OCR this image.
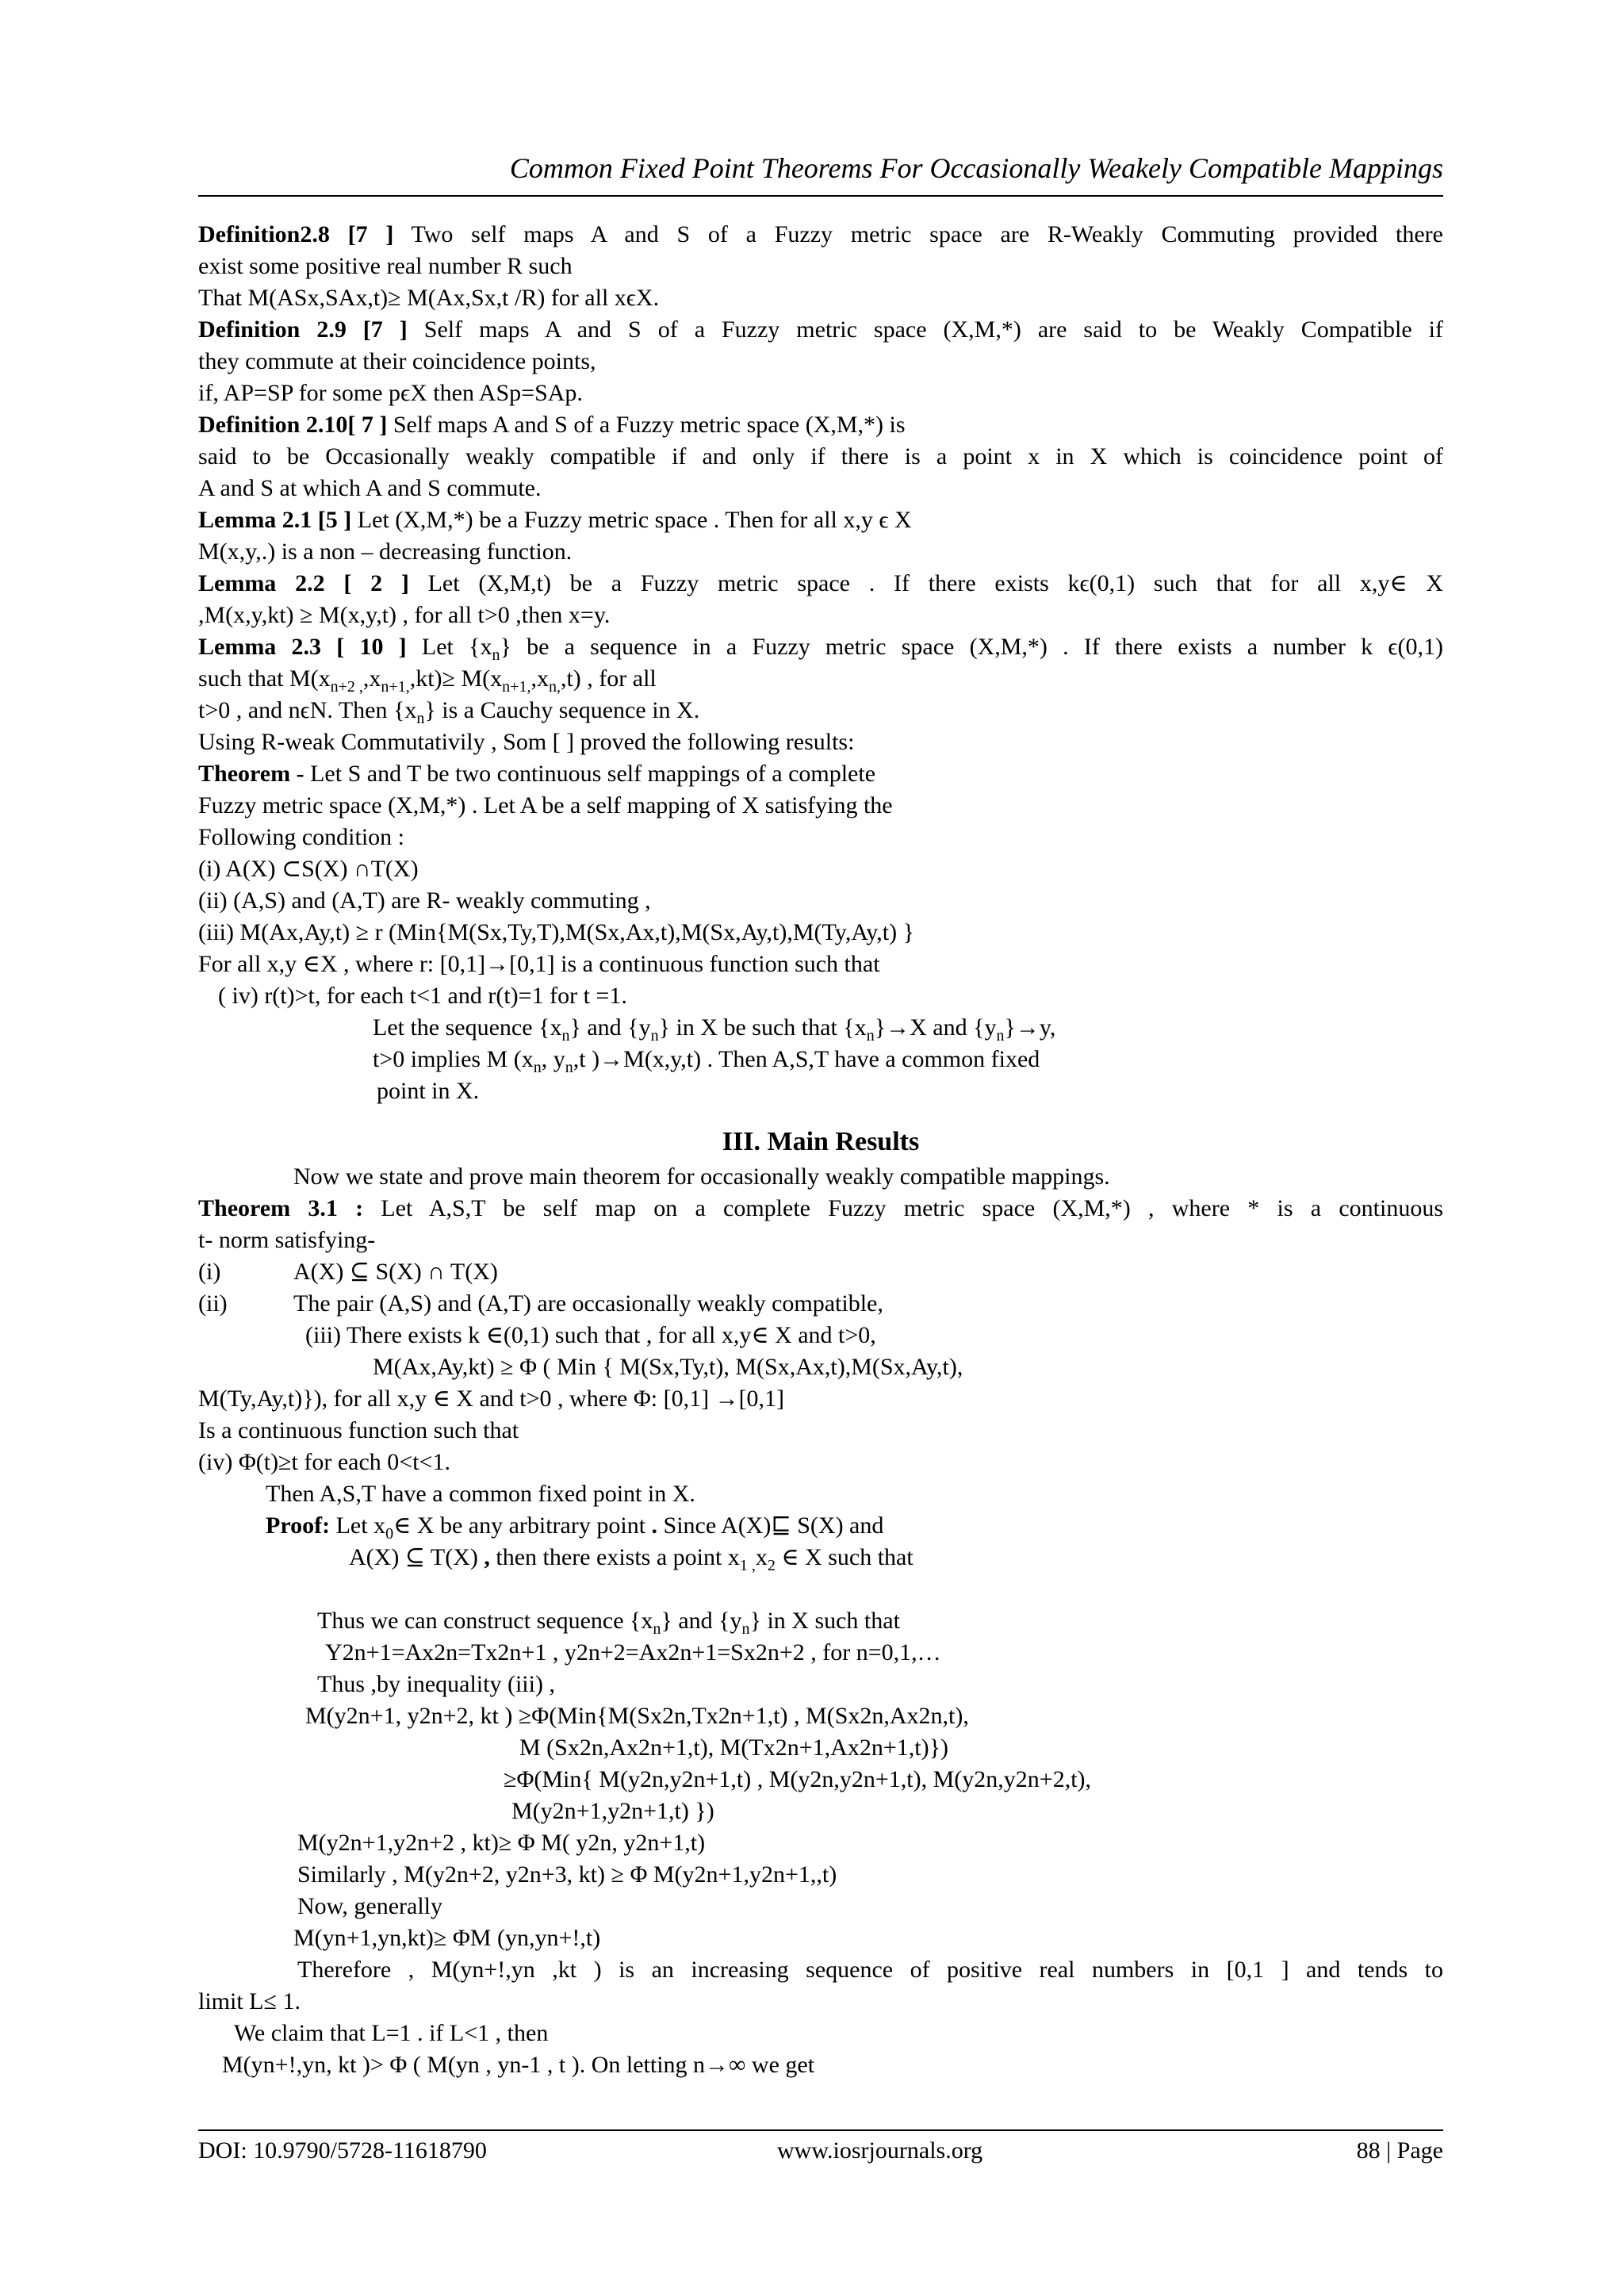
Common Fixed Point Theorems For Occasionally Weakely Compatible Mappings

Definition2.8 [7 ] Two self maps A and S of a Fuzzy metric space are R-Weakly Commuting provided there

exist some positive real number R such

That M(ASx,SAx,t)≥ M(Ax,Sx,t /R) for all xϵX.

Definition 2.9 [7 ] Self maps A and S of a Fuzzy metric space (X,M,*) are said to be Weakly Compatible if

they commute at their coincidence points,

if, AP=SP for some pϵX then ASp=SAp.

Definition 2.10[ 7 ] Self maps A and S of a Fuzzy metric space (X,M,*) is

said to be Occasionally weakly compatible if and only if there is a point x in X which is coincidence point of

A and S at which A and S commute.

Lemma 2.1 [5 ] Let (X,M,*) be a Fuzzy metric space . Then for all x,y ϵ X

M(x,y,.) is a non – decreasing function.

Lemma 2.2 [ 2 ] Let (X,M,t) be a Fuzzy metric space . If there exists kϵ(0,1) such that for all x,y∈ X

,M(x,y,kt) ≥ M(x,y,t) , for all t>0 ,then x=y.

Lemma 2.3 [ 10 ] Let $\{x_n\}$ be a sequence in a Fuzzy metric space (X,M,*) . If there exists a number k ϵ(0,1)

such that $M(x_{n+2 ,},x_{n+1,},kt)\ge M(x_{n+1,},x_{n,},t)$ , for all

t>0 , and nϵN. Then $\{x_n\}$ is a Cauchy sequence in X.

Using R-weak Commutativily , Som [ ] proved the following results:

Theorem - Let S and T be two continuous self mappings of a complete

Fuzzy metric space (X,M,*) . Let A be a self mapping of X satisfying the

Following condition :

(i) A(X) ⊂S(X) ∩T(X)

(ii) (A,S) and (A,T) are R- weakly commuting ,

(iii) M(Ax,Ay,t) ≥ r (Min{M(Sx,Ty,T),M(Sx,Ax,t),M(Sx,Ay,t),M(Ty,Ay,t) }

For all x,y ∈X , where r: [0,1]→[0,1] is a continuous function such that

( iv) r(t)>t, for each t<1 and r(t)=1 for t =1.

Let the sequence $\{x_n\}$ and $\{y_n\}$ in X be such that $\{x_n\}\to X$ and $\{y_n\}\to y$,

t>0 implies M ($x_n$, $y_n,t$ )→M(x,y,t) . Then A,S,T have a common fixed

point in X.

III. Main Results

Now we state and prove main theorem for occasionally weakly compatible mappings.

Theorem 3.1 : Let A,S,T be self map on a complete Fuzzy metric space (X,M,*) , where * is a continuous

t- norm satisfying-

(i)	A(X) ⊆ S(X) ∩ T(X)
(ii)	The pair (A,S) and (A,T) are occasionally weakly compatible,

(iii) There exists k ∈(0,1) such that , for all x,y∈ X and t>0,

M(Ax,Ay,kt) ≥ Φ ( Min { M(Sx,Ty,t), M(Sx,Ax,t),M(Sx,Ay,t),

M(Ty,Ay,t)}), for all x,y ∈ X and t>0 , where Φ: [0,1] →[0,1]

Is a continuous function such that

(iv) Φ(t)≥t for each 0<t<1.

Then A,S,T have a common fixed point in X.

Proof: Let $x_0\in$ X be any arbitrary point . Since A(X)⊑ S(X) and

A(X) ⊆ T(X) , then there exists a point $x_{1 ,}x_2$ ∈ X such that

Thus we can construct sequence $\{x_n\}$ and $\{y_n\}$ in X such that

Y2n+1=Ax2n=Tx2n+1 , y2n+2=Ax2n+1=Sx2n+2 , for n=0,1,…

Thus ,by inequality (iii) ,

M(y2n+1, y2n+2, kt ) ≥Φ(Min{M(Sx2n,Tx2n+1,t) , M(Sx2n,Ax2n,t),

M (Sx2n,Ax2n+1,t), M(Tx2n+1,Ax2n+1,t)})

≥Φ(Min{ M(y2n,y2n+1,t) , M(y2n,y2n+1,t), M(y2n,y2n+2,t),

M(y2n+1,y2n+1,t) })

M(y2n+1,y2n+2 , kt)≥ Φ M( y2n, y2n+1,t)

Similarly , M(y2n+2, y2n+3, kt) ≥ Φ M(y2n+1,y2n+1,,t)

Now, generally

M(yn+1,yn,kt)≥ ΦM (yn,yn+!,t)

Therefore , M(yn+!,yn ,kt ) is an increasing sequence of positive real numbers in [0,1 ] and tends to

limit L≤ 1.

We claim that L=1 . if L<1 , then

M(yn+!,yn, kt )> Φ ( M(yn , yn-1 , t ). On letting n→∞ we get

DOI: 10.9790/5728-11618790	www.iosrjournals.org	88 | Page
